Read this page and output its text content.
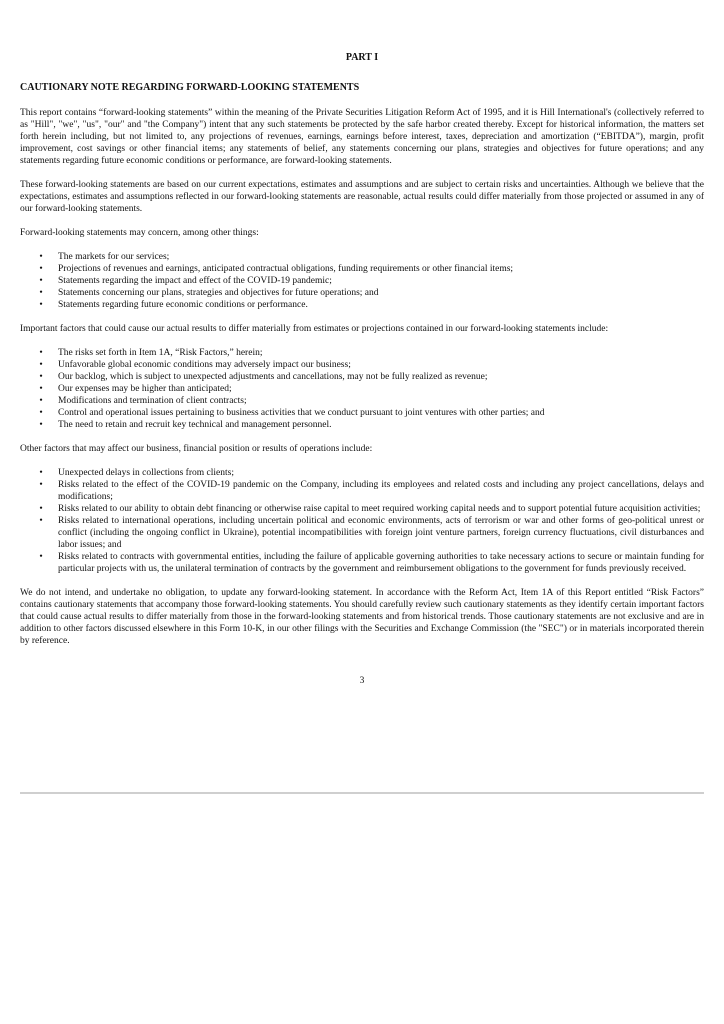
PART I
CAUTIONARY NOTE REGARDING FORWARD-LOOKING STATEMENTS

This report contains “forward-looking statements” within the meaning of the Private Securities Litigation Reform Act of 1995, and it is Hill International's (collectively referred to as "Hill", "we", "us", "our" and "the Company") intent that any such statements be protected by the safe harbor created thereby. Except for historical information, the matters set forth herein including, but not limited to, any projections of revenues, earnings, earnings before interest, taxes, depreciation and amortization (“EBITDA”), margin, profit improvement, cost savings or other financial items; any statements of belief, any statements concerning our plans, strategies and objectives for future operations; and any statements regarding future economic conditions or performance, are forward-looking statements.

These forward-looking statements are based on our current expectations, estimates and assumptions and are subject to certain risks and uncertainties. Although we believe that the expectations, estimates and assumptions reflected in our forward-looking statements are reasonable, actual results could differ materially from those projected or assumed in any of our forward-looking statements.

Forward-looking statements may concern, among other things:

•	The markets for our services;
•	Projections of revenues and earnings, anticipated contractual obligations, funding requirements or other financial items;
•	Statements regarding the impact and effect of the COVID-19 pandemic;
•	Statements concerning our plans, strategies and objectives for future operations; and
•	Statements regarding future economic conditions or performance.

Important factors that could cause our actual results to differ materially from estimates or projections contained in our forward-looking statements include:

•	The risks set forth in Item 1A, “Risk Factors,” herein;
•	Unfavorable global economic conditions may adversely impact our business;
•	Our backlog, which is subject to unexpected adjustments and cancellations, may not be fully realized as revenue;
•	Our expenses may be higher than anticipated;
•	Modifications and termination of client contracts;
•	Control and operational issues pertaining to business activities that we conduct pursuant to joint ventures with other parties; and
•	The need to retain and recruit key technical and management personnel.

Other factors that may affect our business, financial position or results of operations include:

•	Unexpected delays in collections from clients;
•	Risks related to the effect of the COVID-19 pandemic on the Company, including its employees and related costs and including any project cancellations, delays and modifications;
•	Risks related to our ability to obtain debt financing or otherwise raise capital to meet required working capital needs and to support potential future acquisition activities;
•	Risks related to international operations, including uncertain political and economic environments, acts of terrorism or war and other forms of geo-political unrest or conflict (including the ongoing conflict in Ukraine), potential incompatibilities with foreign joint venture partners, foreign currency fluctuations, civil disturbances and labor issues; and
•	Risks related to contracts with governmental entities, including the failure of applicable governing authorities to take necessary actions to secure or maintain funding for particular projects with us, the unilateral termination of contracts by the government and reimbursement obligations to the government for funds previously received.

We do not intend, and undertake no obligation, to update any forward-looking statement. In accordance with the Reform Act, Item 1A of this Report entitled “Risk Factors” contains cautionary statements that accompany those forward-looking statements. You should carefully review such cautionary statements as they identify certain important factors that could cause actual results to differ materially from those in the forward-looking statements and from historical trends. Those cautionary statements are not exclusive and are in addition to other factors discussed elsewhere in this Form 10-K, in our other filings with the Securities and Exchange Commission (the "SEC") or in materials incorporated therein by reference.

3
